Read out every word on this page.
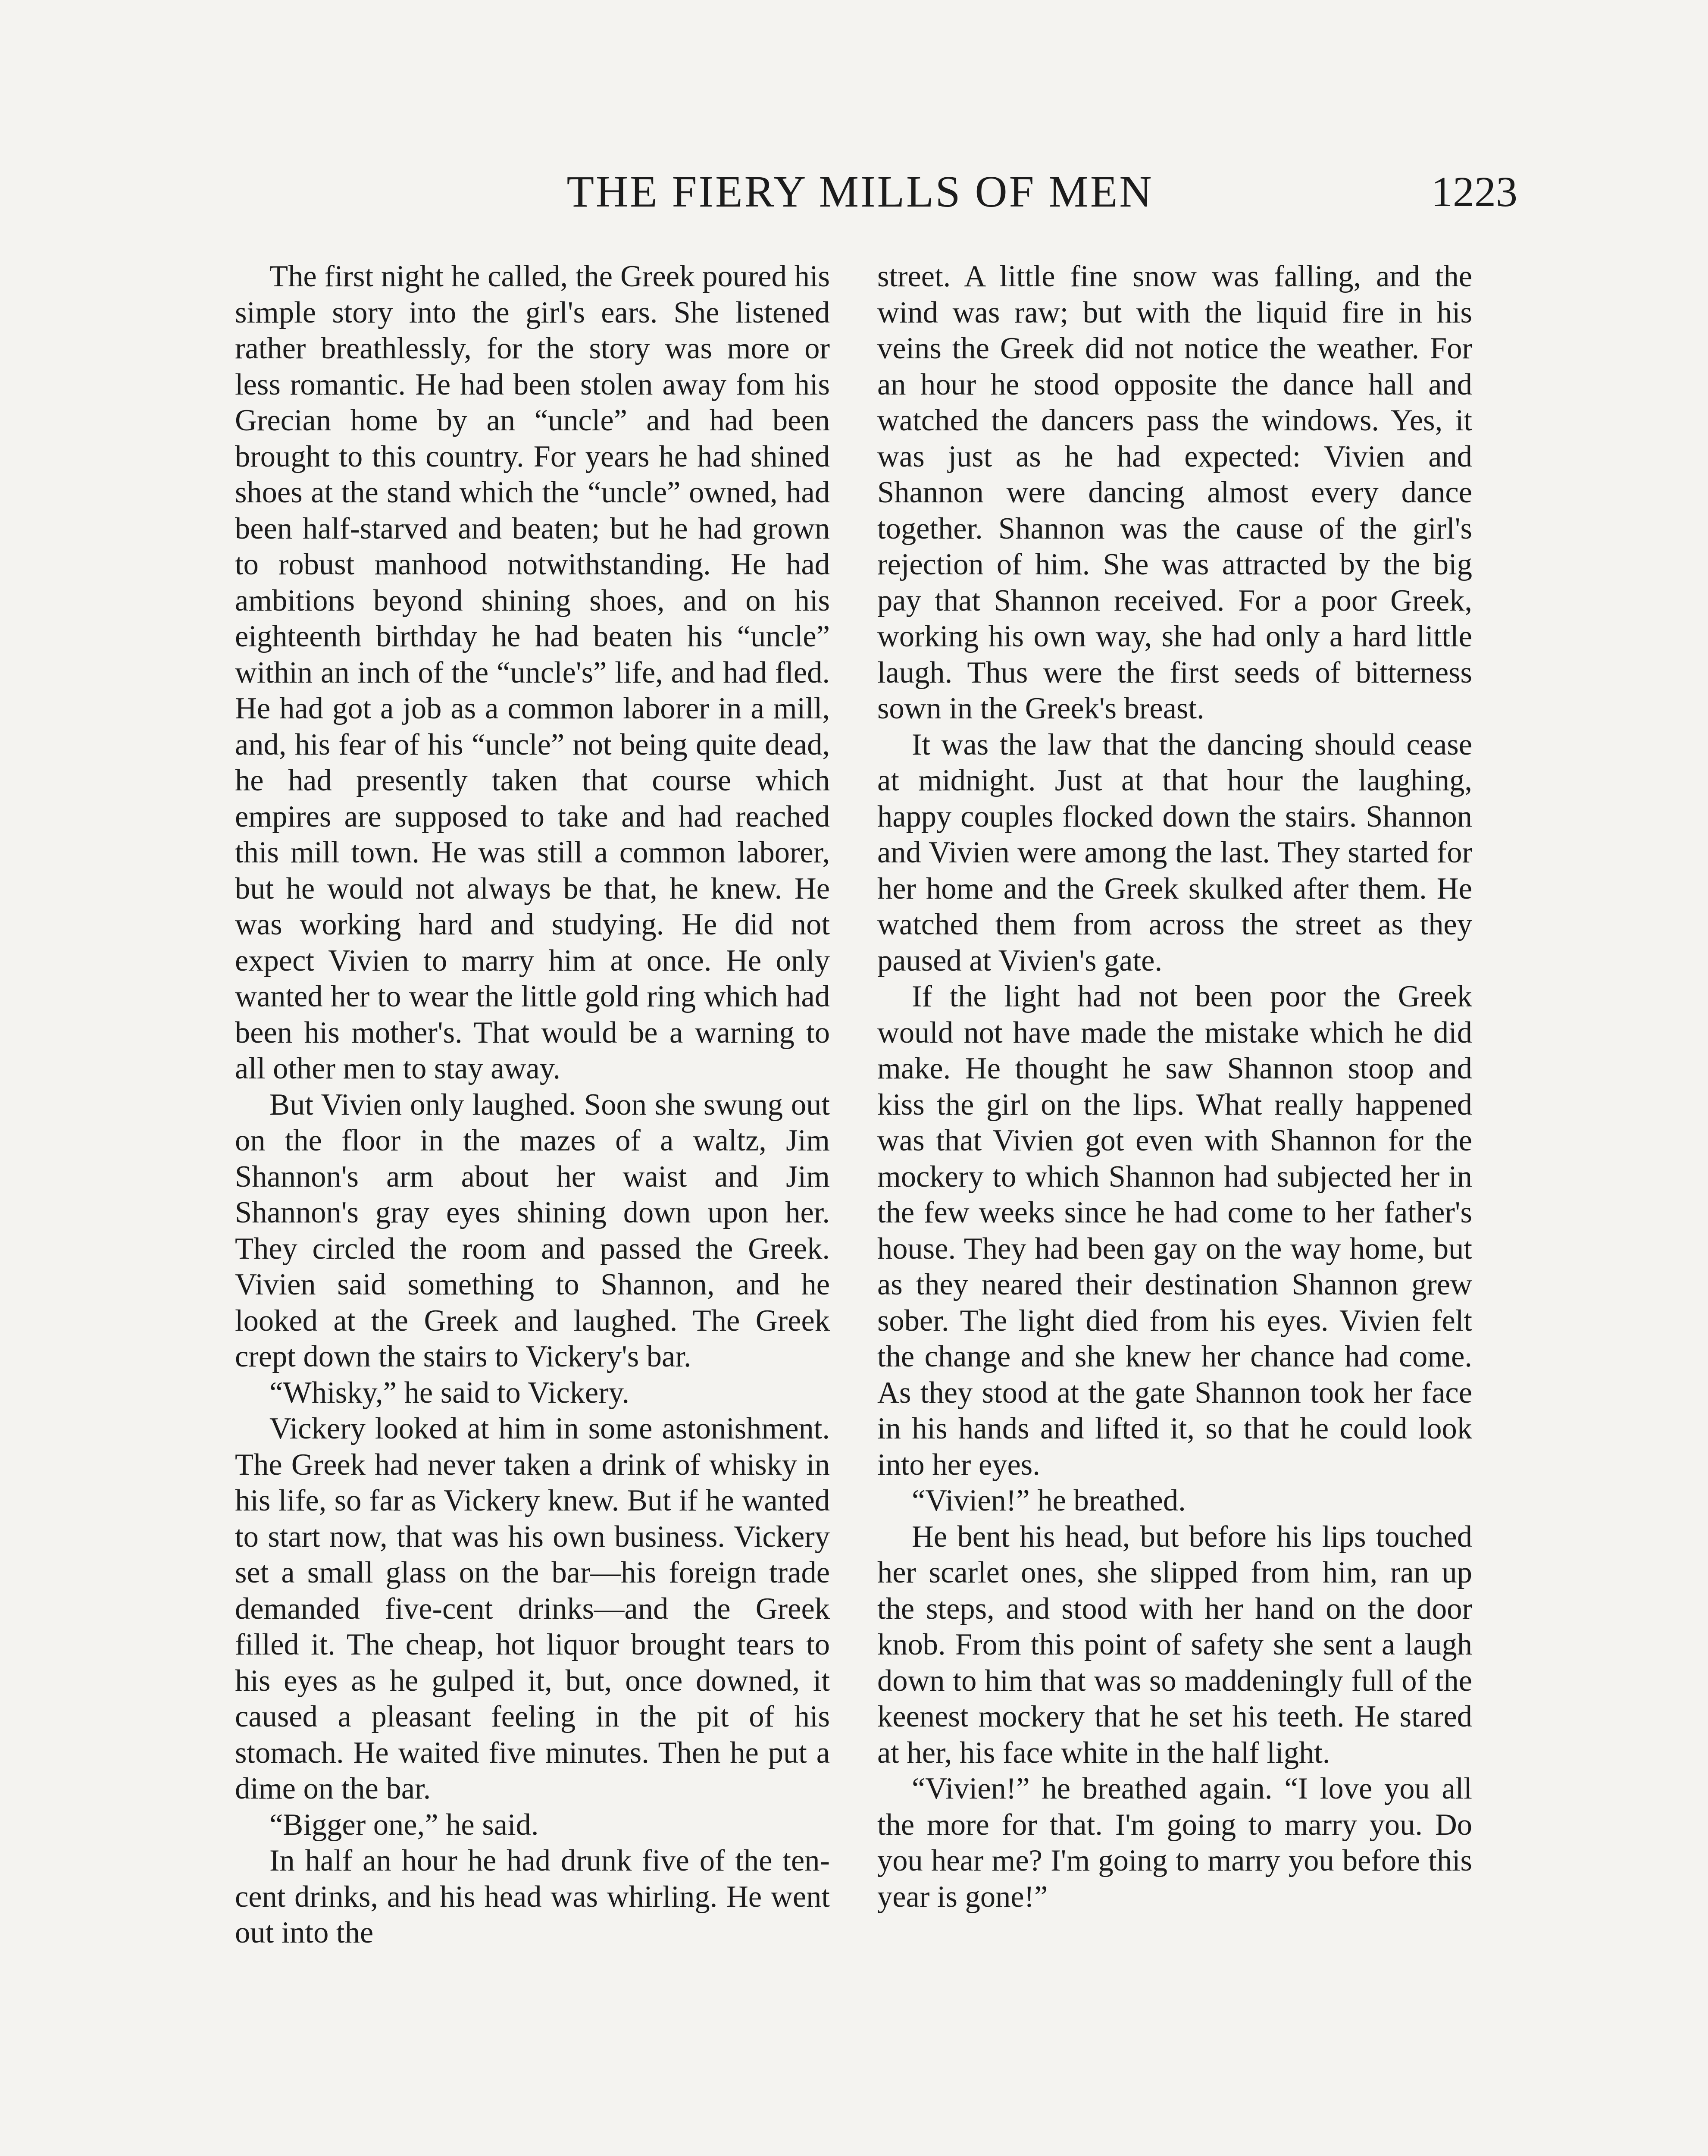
THE FIERY MILLS OF MEN	1223

The first night he called, the Greek poured his simple story into the girl's ears. She listened rather breathlessly, for the story was more or less romantic. He had been stolen away fom his Grecian home by an “uncle” and had been brought to this country. For years he had shined shoes at the stand which the “uncle” owned, had been half-starved and beaten; but he had grown to robust manhood notwithstanding. He had ambitions beyond shining shoes, and on his eighteenth birthday he had beaten his “uncle” within an inch of the “uncle's” life, and had fled. He had got a job as a common laborer in a mill, and, his fear of his “uncle” not being quite dead, he had presently taken that course which empires are supposed to take and had reached this mill town. He was still a common laborer, but he would not always be that, he knew. He was working hard and studying. He did not expect Vivien to marry him at once. He only wanted her to wear the little gold ring which had been his mother's. That would be a warning to all other men to stay away.

But Vivien only laughed. Soon she swung out on the floor in the mazes of a waltz, Jim Shannon's arm about her waist and Jim Shannon's gray eyes shining down upon her. They circled the room and passed the Greek. Vivien said something to Shannon, and he looked at the Greek and laughed. The Greek crept down the stairs to Vickery's bar.

“Whisky,” he said to Vickery.

Vickery looked at him in some astonishment. The Greek had never taken a drink of whisky in his life, so far as Vickery knew. But if he wanted to start now, that was his own business. Vickery set a small glass on the bar—his foreign trade demanded five-cent drinks—and the Greek filled it. The cheap, hot liquor brought tears to his eyes as he gulped it, but, once downed, it caused a pleasant feeling in the pit of his stomach. He waited five minutes. Then he put a dime on the bar.

“Bigger one,” he said.

In half an hour he had drunk five of the ten-cent drinks, and his head was whirling. He went out into the

street. A little fine snow was falling, and the wind was raw; but with the liquid fire in his veins the Greek did not notice the weather. For an hour he stood opposite the dance hall and watched the dancers pass the windows. Yes, it was just as he had expected: Vivien and Shannon were dancing almost every dance together. Shannon was the cause of the girl's rejection of him. She was attracted by the big pay that Shannon received. For a poor Greek, working his own way, she had only a hard little laugh. Thus were the first seeds of bitterness sown in the Greek's breast.

It was the law that the dancing should cease at midnight. Just at that hour the laughing, happy couples flocked down the stairs. Shannon and Vivien were among the last. They started for her home and the Greek skulked after them. He watched them from across the street as they paused at Vivien's gate.

If the light had not been poor the Greek would not have made the mistake which he did make. He thought he saw Shannon stoop and kiss the girl on the lips. What really happened was that Vivien got even with Shannon for the mockery to which Shannon had subjected her in the few weeks since he had come to her father's house. They had been gay on the way home, but as they neared their destination Shannon grew sober. The light died from his eyes. Vivien felt the change and she knew her chance had come. As they stood at the gate Shannon took her face in his hands and lifted it, so that he could look into her eyes.

“Vivien!” he breathed.

He bent his head, but before his lips touched her scarlet ones, she slipped from him, ran up the steps, and stood with her hand on the door knob. From this point of safety she sent a laugh down to him that was so maddeningly full of the keenest mockery that he set his teeth. He stared at her, his face white in the half light.

“Vivien!” he breathed again. “I love you all the more for that. I'm going to marry you. Do you hear me? I'm going to marry you before this year is gone!”
